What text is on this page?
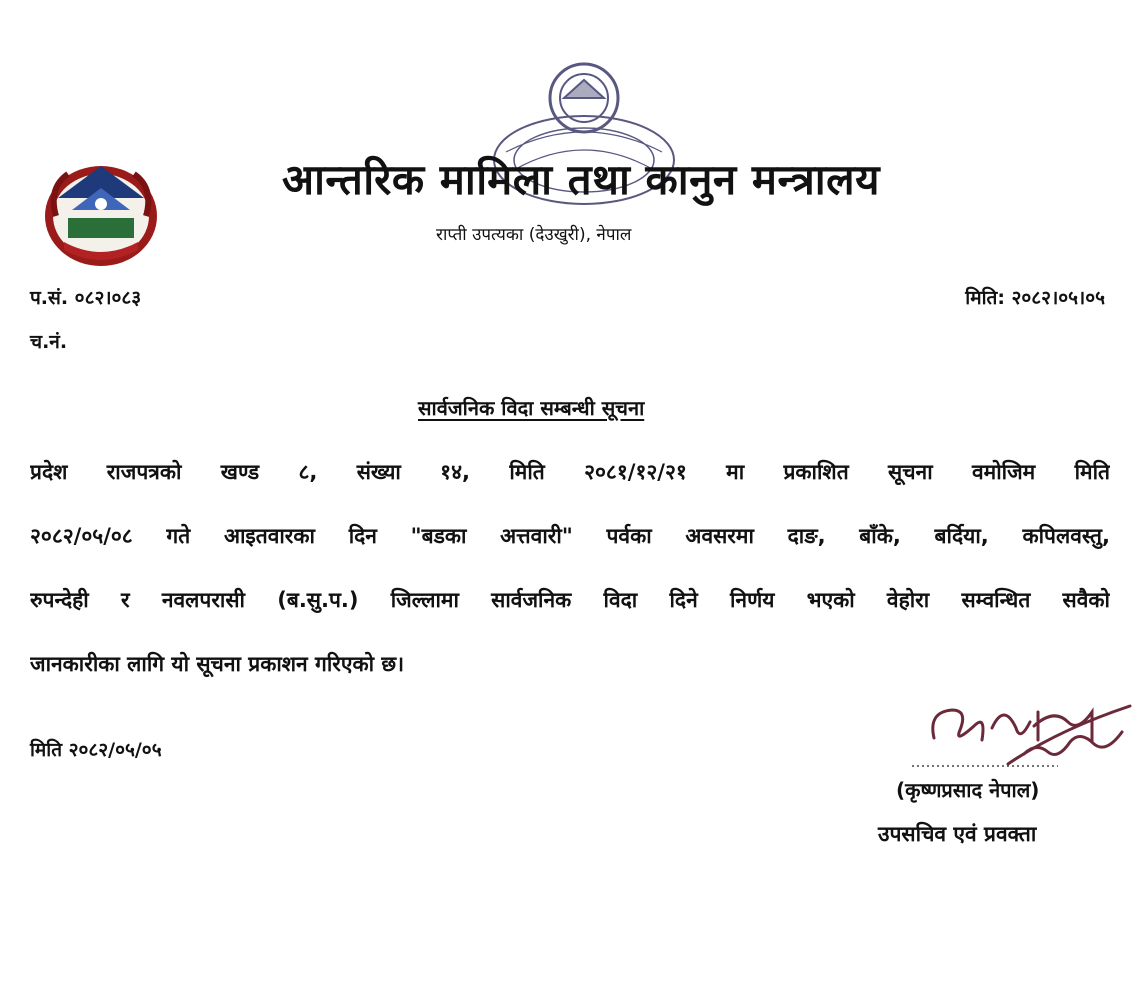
आन्तरिक मामिला तथा कानुन मन्त्रालय
राप्ती उपत्यका (देउखुरी), नेपाल
प.सं. ०८२।०८३
च.नं.
मिति: २०८२।०५।०५
सार्वजनिक विदा सम्बन्धी सूचना
प्रदेश राजपत्रको खण्ड ८, संख्या १४, मिति २०८१/१२/२१ मा प्रकाशित सूचना वमोजिम मिति
२०८२/०५/०८ गते आइतवारका दिन "बडका अत्तवारी" पर्वका अवसरमा दाङ, बाँके, बर्दिया, कपिलवस्तु,
रुपन्देही र नवलपरासी (ब.सु.प.) जिल्लामा सार्वजनिक विदा दिने निर्णय भएको वेहोरा सम्वन्धित सवैको
जानकारीका लागि यो सूचना प्रकाशन गरिएको छ।
मिति २०८२/०५/०५
(कृष्णप्रसाद नेपाल)
उपसचिव एवं प्रवक्ता
